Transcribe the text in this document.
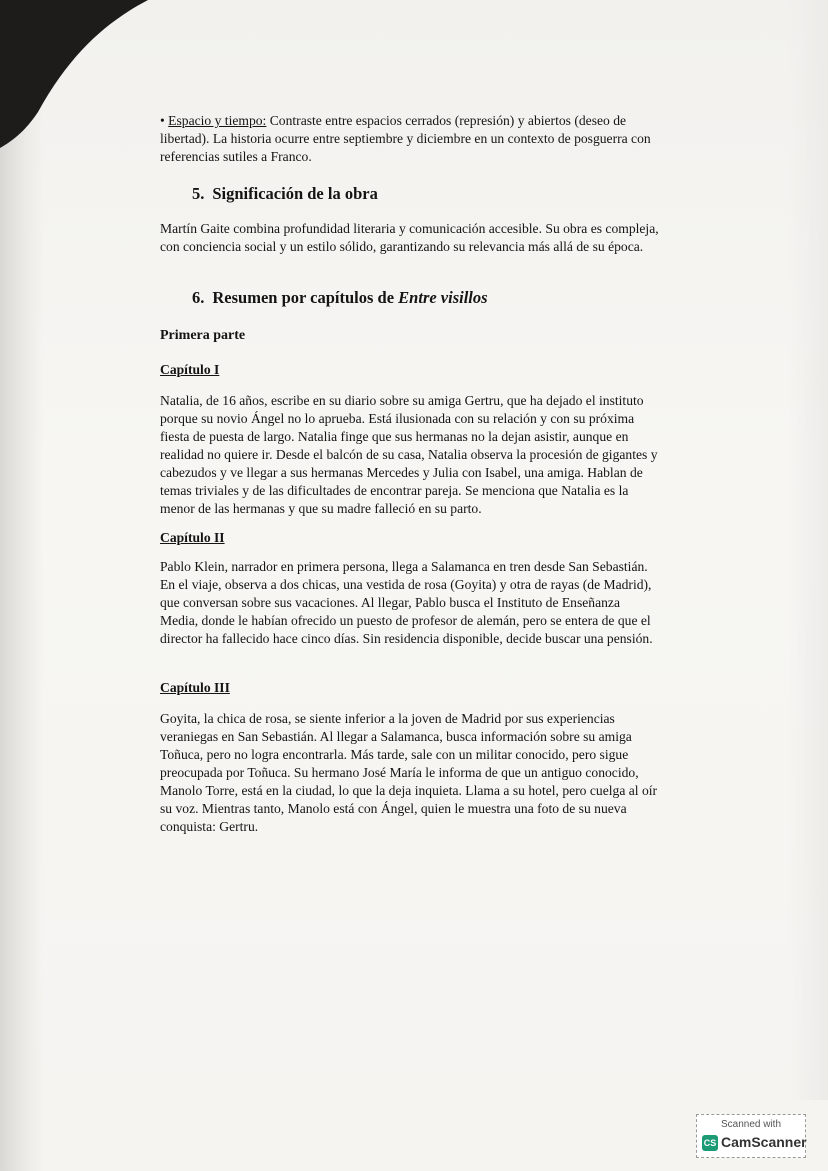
• Espacio y tiempo: Contraste entre espacios cerrados (represión) y abiertos (deseo de libertad). La historia ocurre entre septiembre y diciembre en un contexto de posguerra con referencias sutiles a Franco.

5. Significación de la obra

Martín Gaite combina profundidad literaria y comunicación accesible. Su obra es compleja, con conciencia social y un estilo sólido, garantizando su relevancia más allá de su época.

6. Resumen por capítulos de Entre visillos
Primera parte
Capítulo I

Natalia, de 16 años, escribe en su diario sobre su amiga Gertru, que ha dejado el instituto porque su novio Ángel no lo aprueba. Está ilusionada con su relación y con su próxima fiesta de puesta de largo. Natalia finge que sus hermanas no la dejan asistir, aunque en realidad no quiere ir. Desde el balcón de su casa, Natalia observa la procesión de gigantes y cabezudos y ve llegar a sus hermanas Mercedes y Julia con Isabel, una amiga. Hablan de temas triviales y de las dificultades de encontrar pareja. Se menciona que Natalia es la menor de las hermanas y que su madre falleció en su parto.

Capítulo II

Pablo Klein, narrador en primera persona, llega a Salamanca en tren desde San Sebastián. En el viaje, observa a dos chicas, una vestida de rosa (Goyita) y otra de rayas (de Madrid), que conversan sobre sus vacaciones. Al llegar, Pablo busca el Instituto de Enseñanza Media, donde le habían ofrecido un puesto de profesor de alemán, pero se entera de que el director ha fallecido hace cinco días. Sin residencia disponible, decide buscar una pensión.

Capítulo III

Goyita, la chica de rosa, se siente inferior a la joven de Madrid por sus experiencias veraniegas en San Sebastián. Al llegar a Salamanca, busca información sobre su amiga Toñuca, pero no logra encontrarla. Más tarde, sale con un militar conocido, pero sigue preocupada por Toñuca. Su hermano José María le informa de que un antiguo conocido, Manolo Torre, está en la ciudad, lo que la deja inquieta. Llama a su hotel, pero cuelga al oír su voz. Mientras tanto, Manolo está con Ángel, quien le muestra una foto de su nueva conquista: Gertru.

Scanned with
CS CamScanner
